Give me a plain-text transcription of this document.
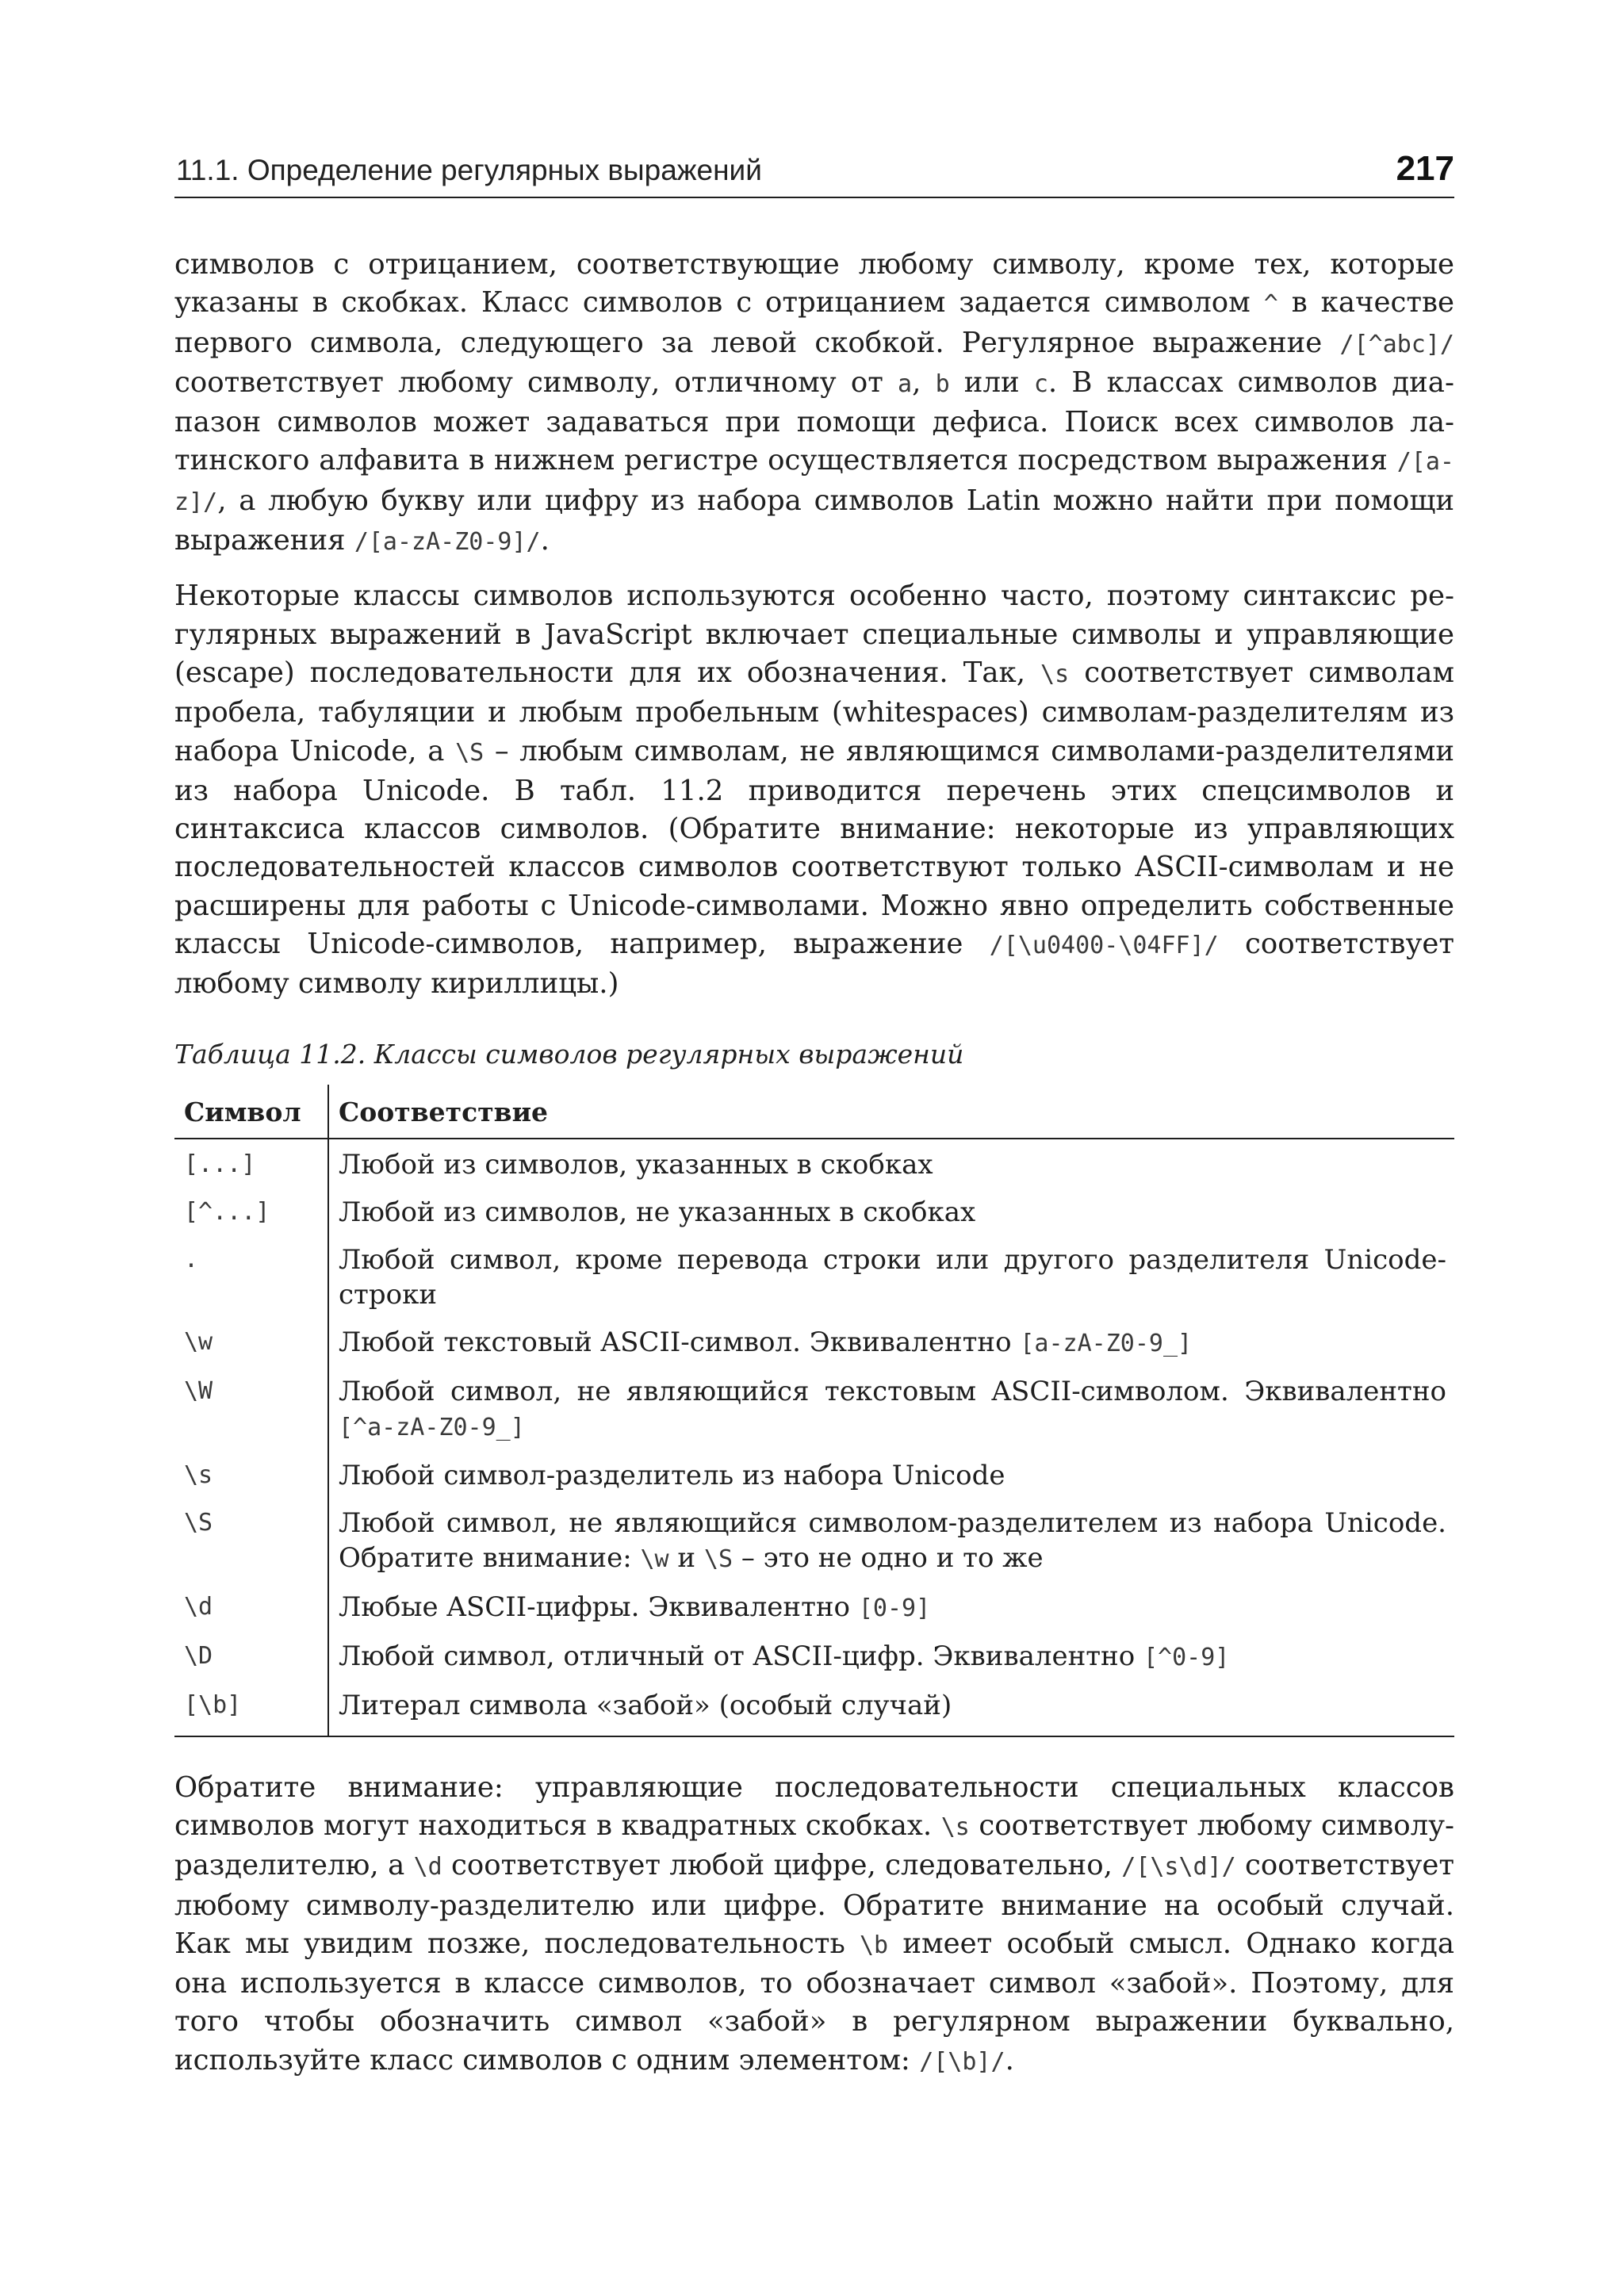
11.1. Определение регулярных выражений	217

символов с отрицанием, соответствующие любому символу, кроме тех, которые указаны в скобках. Класс символов с отрицанием задается символом ^ в качестве первого символа, следующего за левой скобкой. Регулярное выражение /[^abc]/ соответствует любому символу, отличному от a, b или c. В классах символов диапазон символов может задаваться при помощи дефиса. Поиск всех символов латинского алфавита в нижнем регистре осуществляется посредством выражения /[a-z]/, а любую букву или цифру из набора символов Latin можно найти при помощи выражения /[a-zA-Z0-9]/.

Некоторые классы символов используются особенно часто, поэтому синтаксис регулярных выражений в JavaScript включает специальные символы и управляющие (escape) последовательности для их обозначения. Так, \s соответствует символам пробела, табуляции и любым пробельным (whitespaces) символам-разделителям из набора Unicode, а \S – любым символам, не являющимся символами-разделителями из набора Unicode. В табл. 11.2 приводится перечень этих спецсимволов и синтаксиса классов символов. (Обратите внимание: некоторые из управляющих последовательностей классов символов соответствуют только ASCII-символам и не расширены для работы с Unicode-символами. Можно явно определить собственные классы Unicode-символов, например, выражение /[\u0400-\04FF]/ соответствует любому символу кириллицы.)

Таблица 11.2. Классы символов регулярных выражений
Символ	Соответствие
[...]	Любой из символов, указанных в скобках
[^...]	Любой из символов, не указанных в скобках
.	Любой символ, кроме перевода строки или другого разделителя Unicode-строки
\w	Любой текстовый ASCII-символ. Эквивалентно [a-zA-Z0-9_]
\W	Любой символ, не являющийся текстовым ASCII-символом. Эквивалентно [^a-zA-Z0-9_]
\s	Любой символ-разделитель из набора Unicode
\S	Любой символ, не являющийся символом-разделителем из набора Unicode. Обратите внимание: \w и \S – это не одно и то же
\d	Любые ASCII-цифры. Эквивалентно [0-9]
\D	Любой символ, отличный от ASCII-цифр. Эквивалентно [^0-9]
[\b]	Литерал символа «забой» (особый случай)

Обратите внимание: управляющие последовательности специальных классов символов могут находиться в квадратных скобках. \s соответствует любому символу-разделителю, а \d соответствует любой цифре, следовательно, /[\s\d]/ соответствует любому символу-разделителю или цифре. Обратите внимание на особый случай. Как мы увидим позже, последовательность \b имеет особый смысл. Однако когда она используется в классе символов, то обозначает символ «забой». Поэтому, для того чтобы обозначить символ «забой» в регулярном выражении буквально, используйте класс символов с одним элементом: /[\b]/.
